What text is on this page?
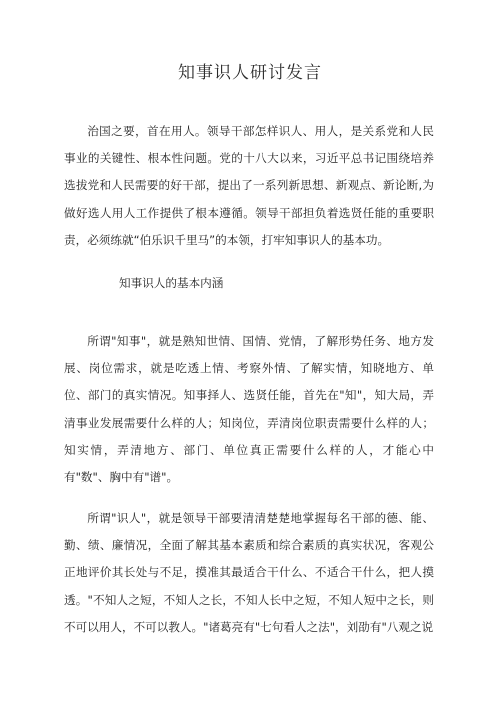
知事识人研讨发言

治国之要，首在用人。领导干部怎样识人、用人，是关系党和人民事业的关键性、根本性问题。党的十八大以来，习近平总书记围绕培养选拔党和人民需要的好干部，提出了一系列新思想、新观点、新论断,为做好选人用人工作提供了根本遵循。领导干部担负着选贤任能的重要职责，必须练就“伯乐识千里马”的本领，打牢知事识人的基本功。

知事识人的基本内涵

所谓"知事"，就是熟知世情、国情、党情，了解形势任务、地方发展、岗位需求，就是吃透上情、考察外情、了解实情，知晓地方、单位、部门的真实情况。知事择人、选贤任能，首先在"知"，知大局，弄清事业发展需要什么样的人；知岗位，弄清岗位职责需要什么样的人；知实情，弄清地方、部门、单位真正需要什么样的人，才能心中有"数"、胸中有"谱"。

所谓"识人"，就是领导干部要清清楚楚地掌握每名干部的德、能、勤、绩、廉情况，全面了解其基本素质和综合素质的真实状况，客观公正地评价其长处与不足，摸准其最适合干什么、不适合干什么，把人摸透。"不知人之短，不知人之长，不知人长中之短，不知人短中之长，则不可以用人，不可以教人。"诸葛亮有"七句看人之法"，刘劭有"八观之说
